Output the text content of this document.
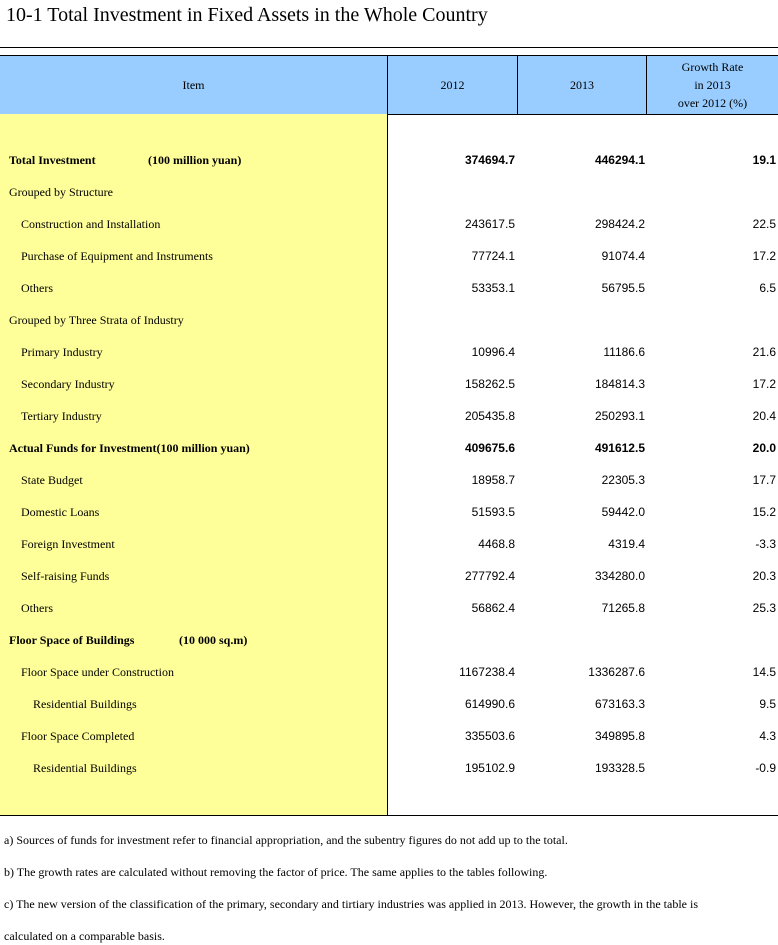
10-1 Total Investment in Fixed Assets in the Whole Country
Item	2012	2013
Growth Rate
in 2013
over 2012 (%)
Total Investment	(100 million yuan)	374694.7	446294.1	19.1
Grouped by Structure
Construction and Installation	243617.5	298424.2	22.5
Purchase of Equipment and Instruments	77724.1	91074.4	17.2
Others	53353.1	56795.5	6.5
Grouped by Three Strata of Industry
Primary Industry	10996.4	11186.6	21.6
Secondary Industry	158262.5	184814.3	17.2
Tertiary Industry	205435.8	250293.1	20.4
Actual Funds for Investment(100 million yuan)	409675.6	491612.5	20.0
State Budget	18958.7	22305.3	17.7
Domestic Loans	51593.5	59442.0	15.2
Foreign Investment	4468.8	4319.4	-3.3
Self-raising Funds	277792.4	334280.0	20.3
Others	56862.4	71265.8	25.3
Floor Space of Buildings	(10 000 sq.m)
Floor Space under Construction	1167238.4	1336287.6	14.5
Residential Buildings	614990.6	673163.3	9.5
Floor Space Completed	335503.6	349895.8	4.3
Residential Buildings	195102.9	193328.5	-0.9
a) Sources of funds for investment refer to financial appropriation, and the subentry figures do not add up to the total.
b) The growth rates are calculated without removing the factor of price. The same applies to the tables following.
c) The new version of the classification of the primary, secondary and tirtiary industries was applied in 2013. However, the growth in the table is
calculated on a comparable basis.
